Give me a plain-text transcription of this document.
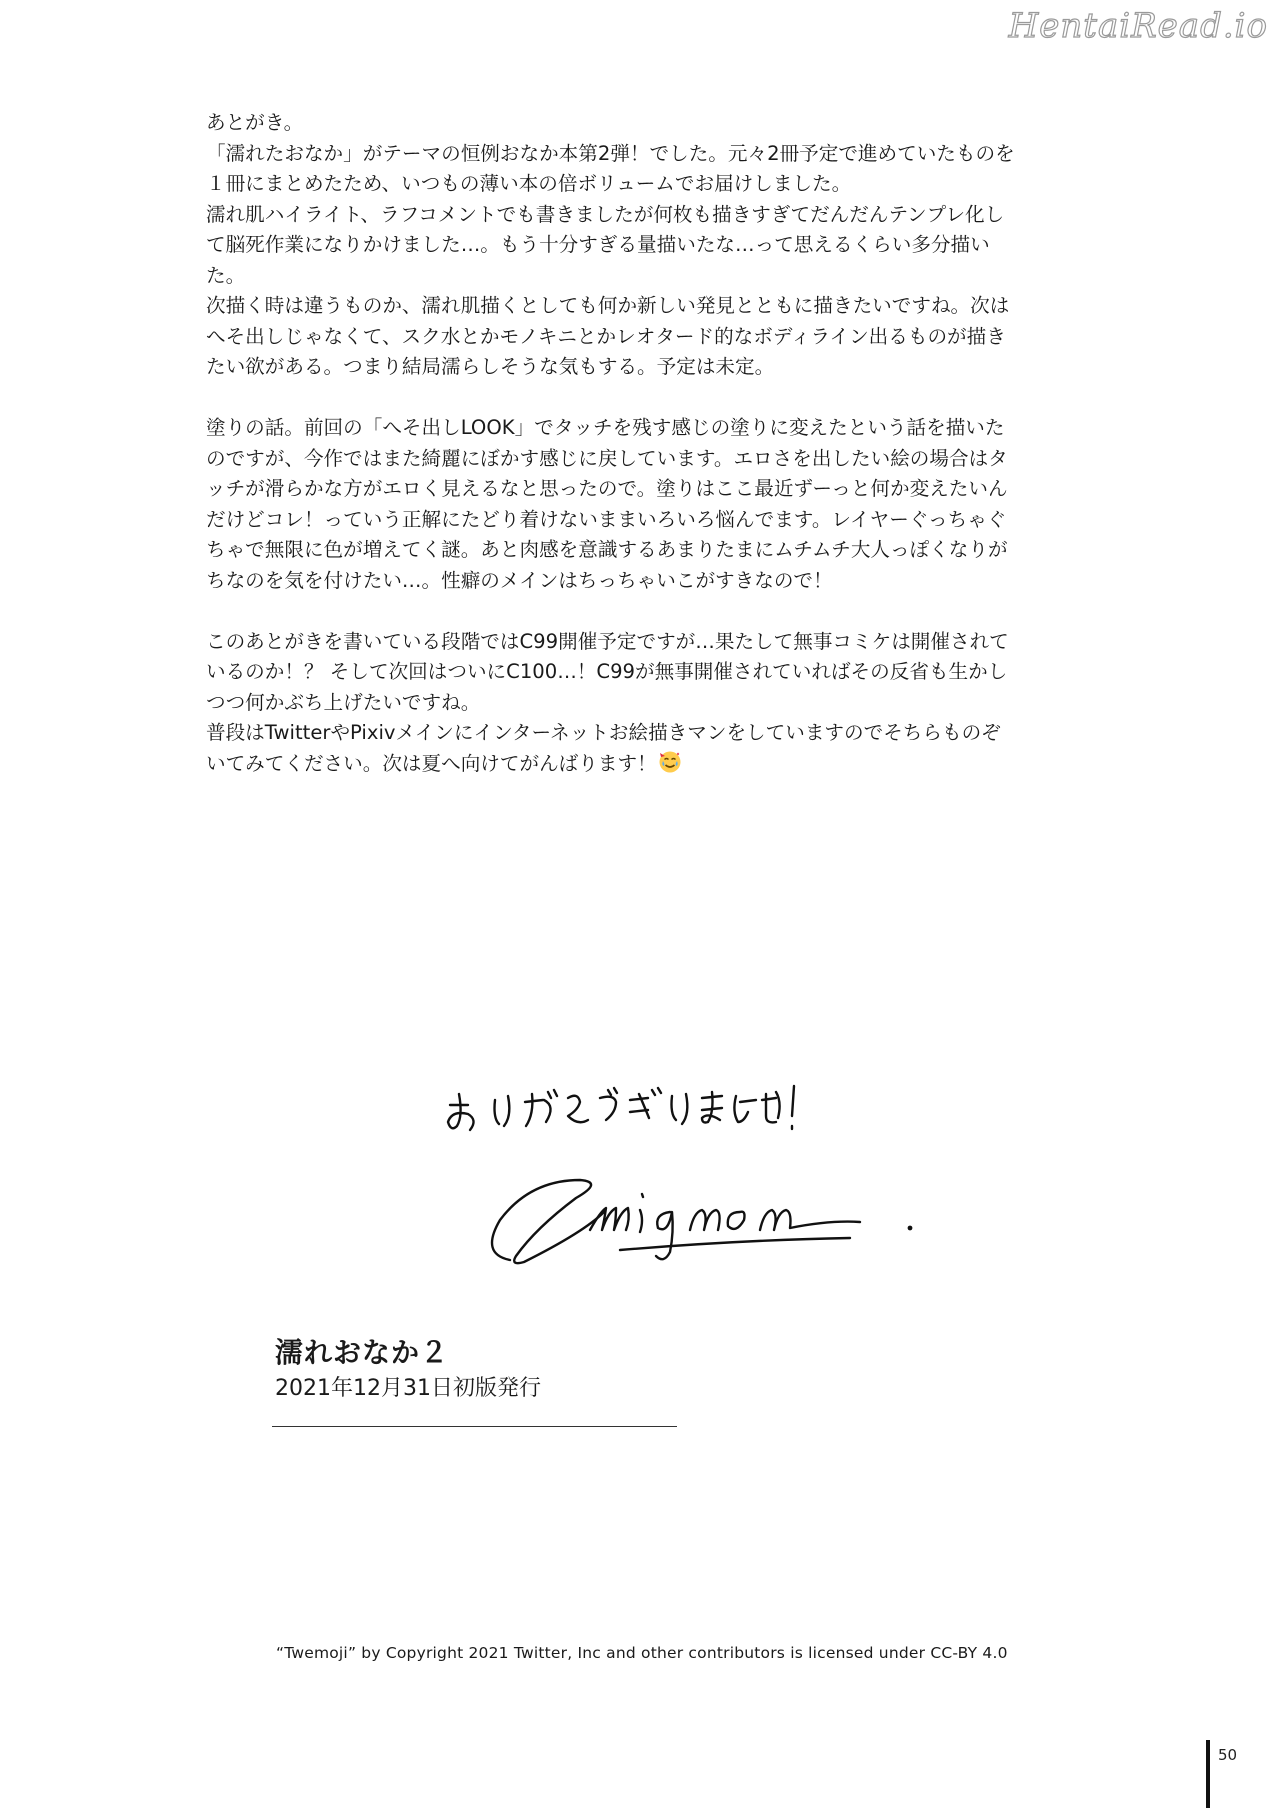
HentaiRead.io
あとがき。
「濡れたおなか」がテーマの恒例おなか本第2弾！でした。元々2冊予定で進めていたものを
１冊にまとめたため、いつもの薄い本の倍ボリュームでお届けしました。
濡れ肌ハイライト、ラフコメントでも書きましたが何枚も描きすぎてだんだんテンプレ化し
て脳死作業になりかけました…。もう十分すぎる量描いたな…って思えるくらい多分描い
た。
次描く時は違うものか、濡れ肌描くとしても何か新しい発見とともに描きたいですね。次は
へそ出しじゃなくて、スク水とかモノキニとかレオタード的なボディライン出るものが描き
たい欲がある。つまり結局濡らしそうな気もする。予定は未定。
塗りの話。前回の「へそ出しLOOK」でタッチを残す感じの塗りに変えたという話を描いた
のですが、今作ではまた綺麗にぼかす感じに戻しています。エロさを出したい絵の場合はタ
ッチが滑らかな方がエロく見えるなと思ったので。塗りはここ最近ずーっと何か変えたいん
だけどコレ！っていう正解にたどり着けないままいろいろ悩んでます。レイヤーぐっちゃぐ
ちゃで無限に色が増えてく謎。あと肉感を意識するあまりたまにムチムチ大人っぽくなりが
ちなのを気を付けたい…。性癖のメインはちっちゃいこがすきなので！
このあとがきを書いている段階ではC99開催予定ですが…果たして無事コミケは開催されて
いるのか！？ そして次回はついにC100…！C99が無事開催されていればその反省も生かし
つつ何かぶち上げたいですね。
普段はTwitterやPixivメインにインターネットお絵描きマンをしていますのでそちらものぞ
いてみてください。次は夏へ向けてがんばります！
濡れおなか２
2021年12月31日初版発行
“Twemoji” by Copyright 2021 Twitter, Inc and other contributors is licensed under CC-BY 4.0
50
